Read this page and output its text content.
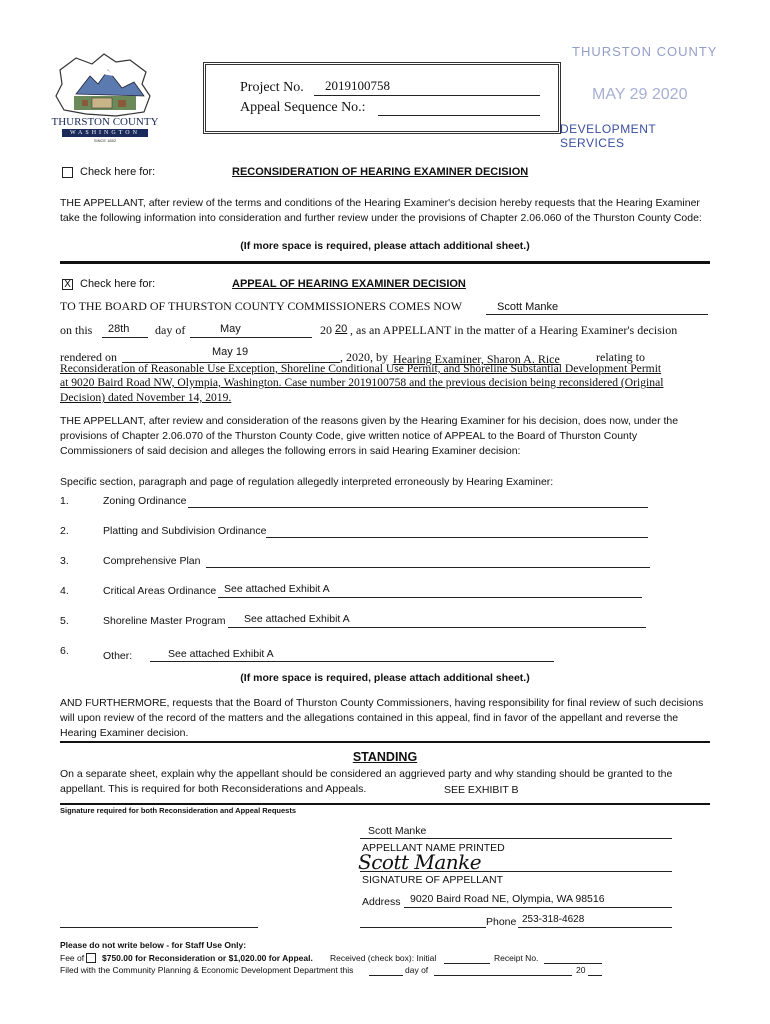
THURSTON COUNTY
WASHINGTON
SINCE 1852
Project No. 2019100758
Appeal Sequence No.:
THURSTON COUNTY
MAY 29 2020
DEVELOPMENT SERVICES
Check here for:	RECONSIDERATION OF HEARING EXAMINER DECISION
THE APPELLANT, after review of the terms and conditions of the Hearing Examiner's decision hereby requests that the Hearing Examiner take the following information into consideration and further review under the provisions of Chapter 2.06.060 of the Thurston County Code:
(If more space is required, please attach additional sheet.)
X Check here for:	APPEAL OF HEARING EXAMINER DECISION
TO THE BOARD OF THURSTON COUNTY COMMISSIONERS COMES NOW	Scott Manke
on this 28th day of	May	20 20 , as an APPELLANT in the matter of a Hearing Examiner's decision
rendered on	May 19	, 2020, by Hearing Examiner, Sharon A. Rice	relating to
Reconsideration of Reasonable Use Exception, Shoreline Conditional Use Permit, and Shoreline Substantial Development Permit
at 9020 Baird Road NW, Olympia, Washington. Case number 2019100758 and the previous decision being reconsidered (Original
Decision) dated November 14, 2019.
THE APPELLANT, after review and consideration of the reasons given by the Hearing Examiner for his decision, does now, under the provisions of Chapter 2.06.070 of the Thurston County Code, give written notice of APPEAL to the Board of Thurston County Commissioners of said decision and alleges the following errors in said Hearing Examiner decision:
Specific section, paragraph and page of regulation allegedly interpreted erroneously by Hearing Examiner:
1.	Zoning Ordinance
2.	Platting and Subdivision Ordinance
3.	Comprehensive Plan
4.	Critical Areas Ordinance See attached Exhibit A
5.	Shoreline Master Program See attached Exhibit A
6.	Other:	See attached Exhibit A
(If more space is required, please attach additional sheet.)
AND FURTHERMORE, requests that the Board of Thurston County Commissioners, having responsibility for final review of such decisions will upon review of the record of the matters and the allegations contained in this appeal, find in favor of the appellant and reverse the Hearing Examiner decision.
STANDING
On a separate sheet, explain why the appellant should be considered an aggrieved party and why standing should be granted to the appellant. This is required for both Reconsiderations and Appeals.	SEE EXHIBIT B
Signature required for both Reconsideration and Appeal Requests
Scott Manke
APPELLANT NAME PRINTED
Scott Manke
SIGNATURE OF APPELLANT
Address 9020 Baird Road NE, Olympia, WA 98516
Phone 253-318-4628
Please do not write below - for Staff Use Only:
Fee of $750.00 for Reconsideration or $1,020.00 for Appeal. Received (check box): Initial	Receipt No.
Filed with the Community Planning & Economic Development Department this	day of	20
